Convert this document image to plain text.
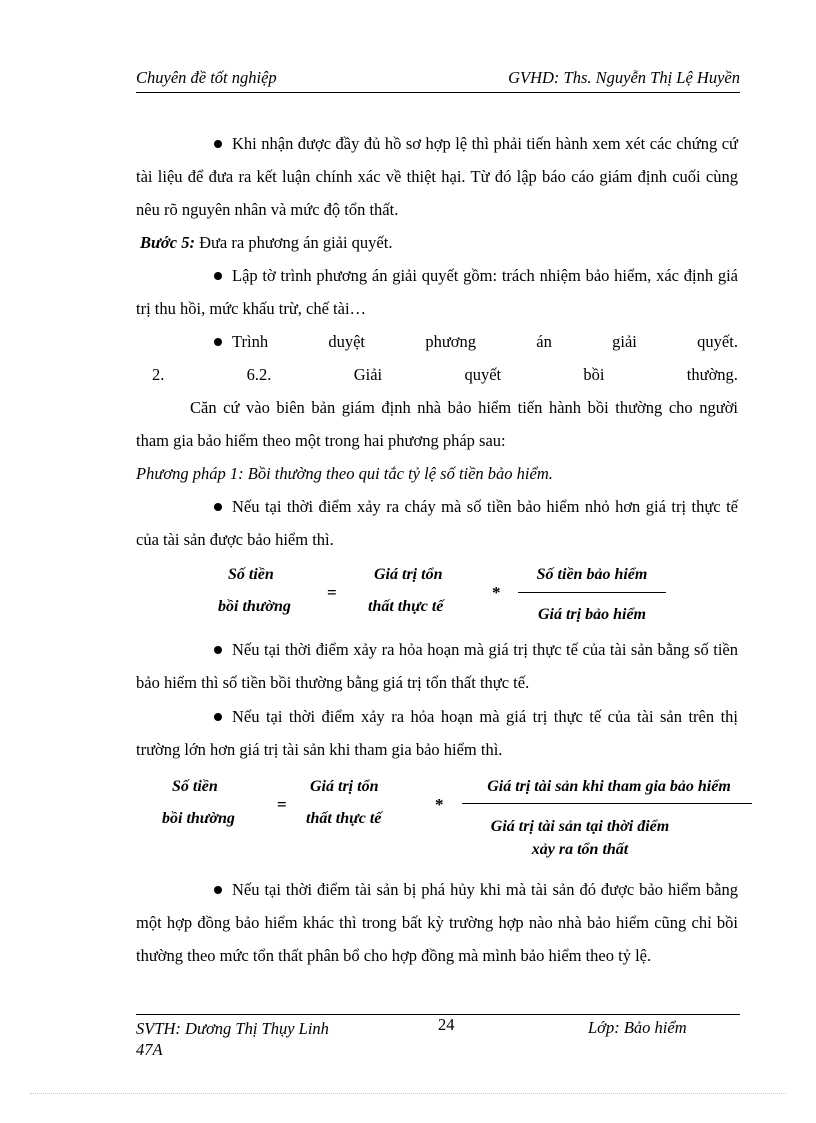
Chuyên đề tốt nghiệp	GVHD: Ths. Nguyễn Thị Lệ Huyền

Khi nhận được đầy đủ hồ sơ hợp lệ thì phải tiến hành xem xét các chứng cứ tài liệu để đưa ra kết luận chính xác về thiệt hại. Từ đó lập báo cáo giám định cuối cùng nêu rõ nguyên nhân và mức độ tổn thất.

Bước 5: Đưa ra phương án giải quyết.

Lập tờ trình phương án giải quyết gồm: trách nhiệm bảo hiểm, xác định giá trị thu hồi, mức khấu trừ, chế tài…

Trình	duyệt	phương	án	giải	quyết.
2.	6.2.	Giải	quyết	bồi	thường.

Căn cứ vào biên bản giám định nhà bảo hiểm tiến hành bồi thường cho người tham gia bảo hiểm theo một trong hai phương pháp sau:

Phương pháp 1: Bồi thường theo qui tắc tỷ lệ số tiền bảo hiểm.

Nếu tại thời điểm xảy ra cháy mà số tiền bảo hiểm nhỏ hơn giá trị thực tế của tài sản được bảo hiểm thì.

Số tiền
bồi thường
=
Giá trị tổn
thất thực tế
*
Số tiền bảo hiểm
Giá trị bảo hiểm

Nếu tại thời điểm xảy ra hỏa hoạn mà giá trị thực tế của tài sản bằng số tiền bảo hiểm thì số tiền bồi thường bằng giá trị tổn thất thực tế.

Nếu tại thời điểm xảy ra hỏa hoạn mà giá trị thực tế của tài sản trên thị trường lớn hơn giá trị tài sản khi tham gia bảo hiểm thì.

Số tiền
bồi thường
=
Giá trị tổn
thất thực tế
*
Giá trị tài sản khi tham gia bảo hiểm
Giá trị tài sản tại thời điểm
xảy ra tổn thất

Nếu tại thời điểm tài sản bị phá hủy khi mà tài sản đó được bảo hiểm bằng một hợp đồng bảo hiểm khác thì trong bất kỳ trường hợp nào nhà bảo hiểm cũng chỉ bồi thường theo mức tổn thất phân bổ cho hợp đồng mà mình bảo hiểm theo tỷ lệ.

SVTH: Dương Thị Thụy Linh
47A
24	Lớp: Bảo hiểm
